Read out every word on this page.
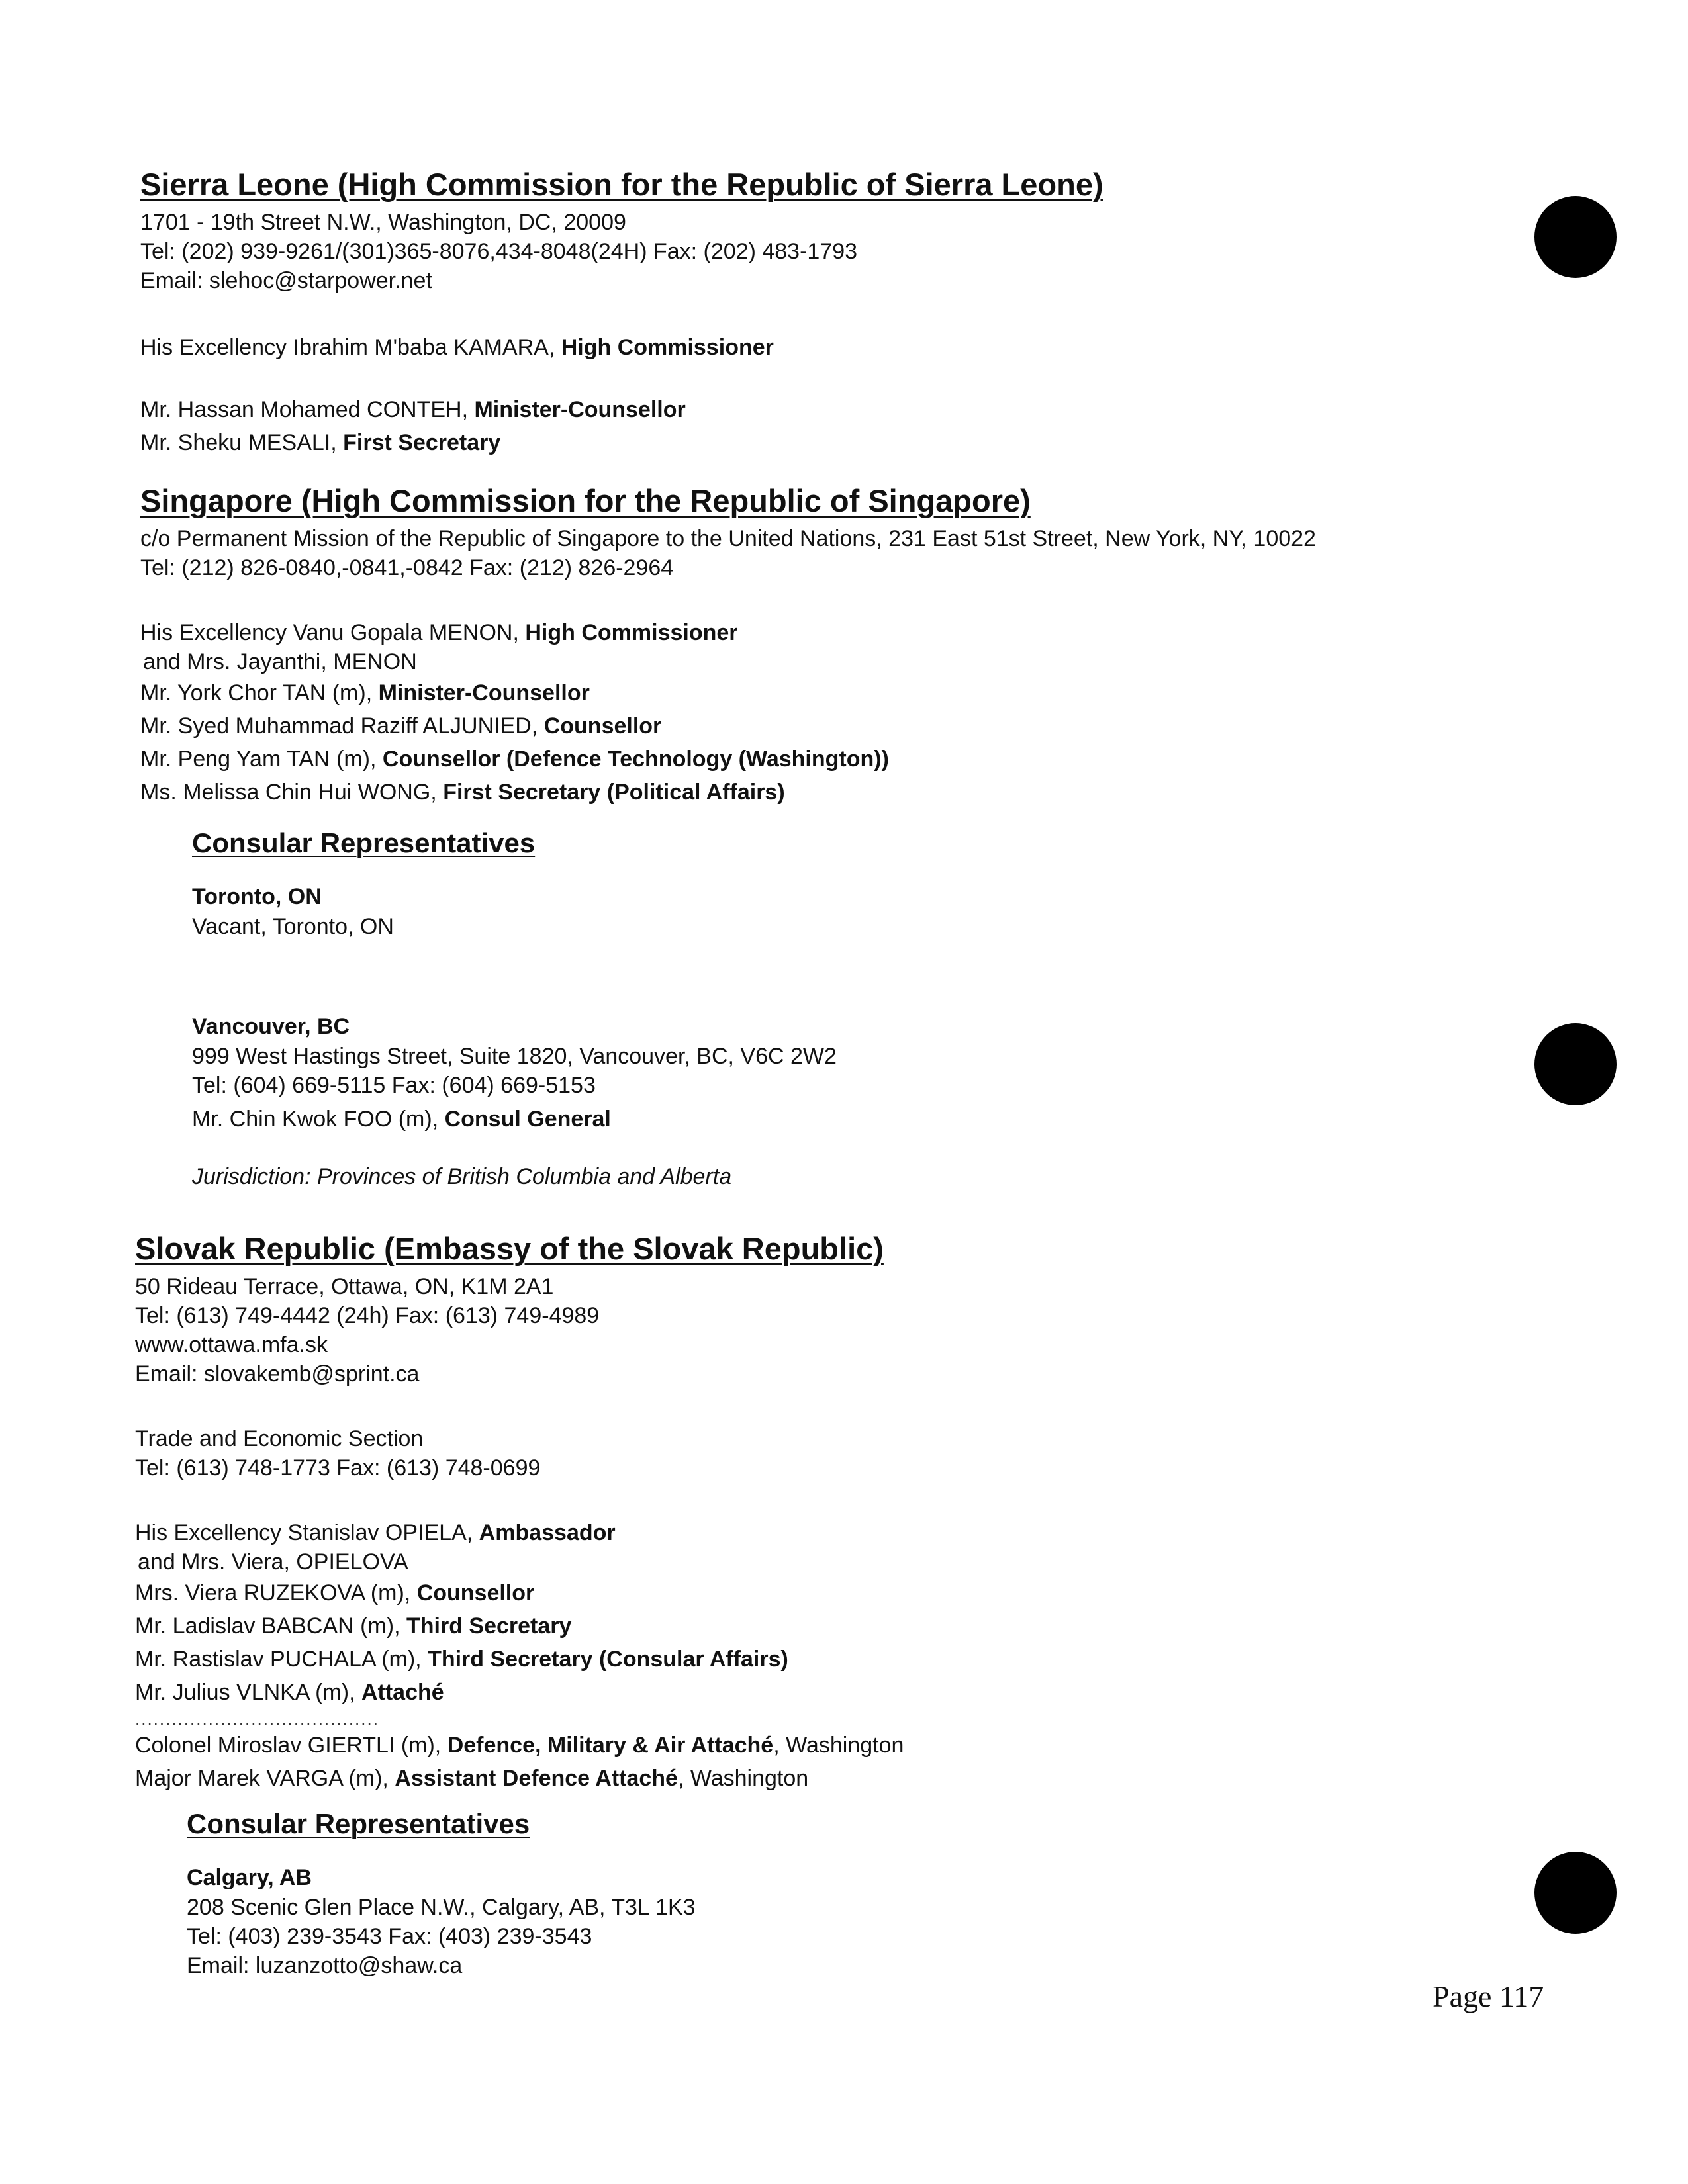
Sierra Leone (High Commission for the Republic of Sierra Leone)
1701 - 19th Street N.W., Washington, DC, 20009
Tel: (202) 939-9261/(301)365-8076,434-8048(24H) Fax: (202) 483-1793
Email: slehoc@starpower.net
His Excellency Ibrahim M'baba KAMARA, High Commissioner
Mr. Hassan Mohamed CONTEH, Minister-Counsellor
Mr. Sheku MESALI, First Secretary
Singapore (High Commission for the Republic of Singapore)
c/o Permanent Mission of the Republic of Singapore to the United Nations, 231 East 51st Street, New York, NY, 10022
Tel: (212) 826-0840,-0841,-0842 Fax: (212) 826-2964
His Excellency Vanu Gopala MENON, High Commissioner
and Mrs. Jayanthi, MENON
Mr. York Chor TAN (m), Minister-Counsellor
Mr. Syed Muhammad Raziff ALJUNIED, Counsellor
Mr. Peng Yam TAN (m), Counsellor (Defence Technology (Washington))
Ms. Melissa Chin Hui WONG, First Secretary (Political Affairs)
Consular Representatives
Toronto, ON
Vacant, Toronto, ON
Vancouver, BC
999 West Hastings Street, Suite 1820, Vancouver, BC, V6C 2W2
Tel: (604) 669-5115 Fax: (604) 669-5153
Mr. Chin Kwok FOO (m), Consul General
Jurisdiction: Provinces of British Columbia and Alberta
Slovak Republic (Embassy of the Slovak Republic)
50 Rideau Terrace, Ottawa, ON, K1M 2A1
Tel: (613) 749-4442 (24h) Fax: (613) 749-4989
www.ottawa.mfa.sk
Email: slovakemb@sprint.ca
Trade and Economic Section
Tel: (613) 748-1773 Fax: (613) 748-0699
His Excellency Stanislav OPIELA, Ambassador
and Mrs. Viera, OPIELOVA
Mrs. Viera RUZEKOVA (m), Counsellor
Mr. Ladislav BABCAN (m), Third Secretary
Mr. Rastislav PUCHALA (m), Third Secretary (Consular Affairs)
Mr. Julius VLNKA (m), Attaché
........................................
Colonel Miroslav GIERTLI (m), Defence, Military & Air Attaché, Washington
Major Marek VARGA (m), Assistant Defence Attaché, Washington
Consular Representatives
Calgary, AB
208 Scenic Glen Place N.W., Calgary, AB, T3L 1K3
Tel: (403) 239-3543 Fax: (403) 239-3543
Email: luzanzotto@shaw.ca
Page 117
